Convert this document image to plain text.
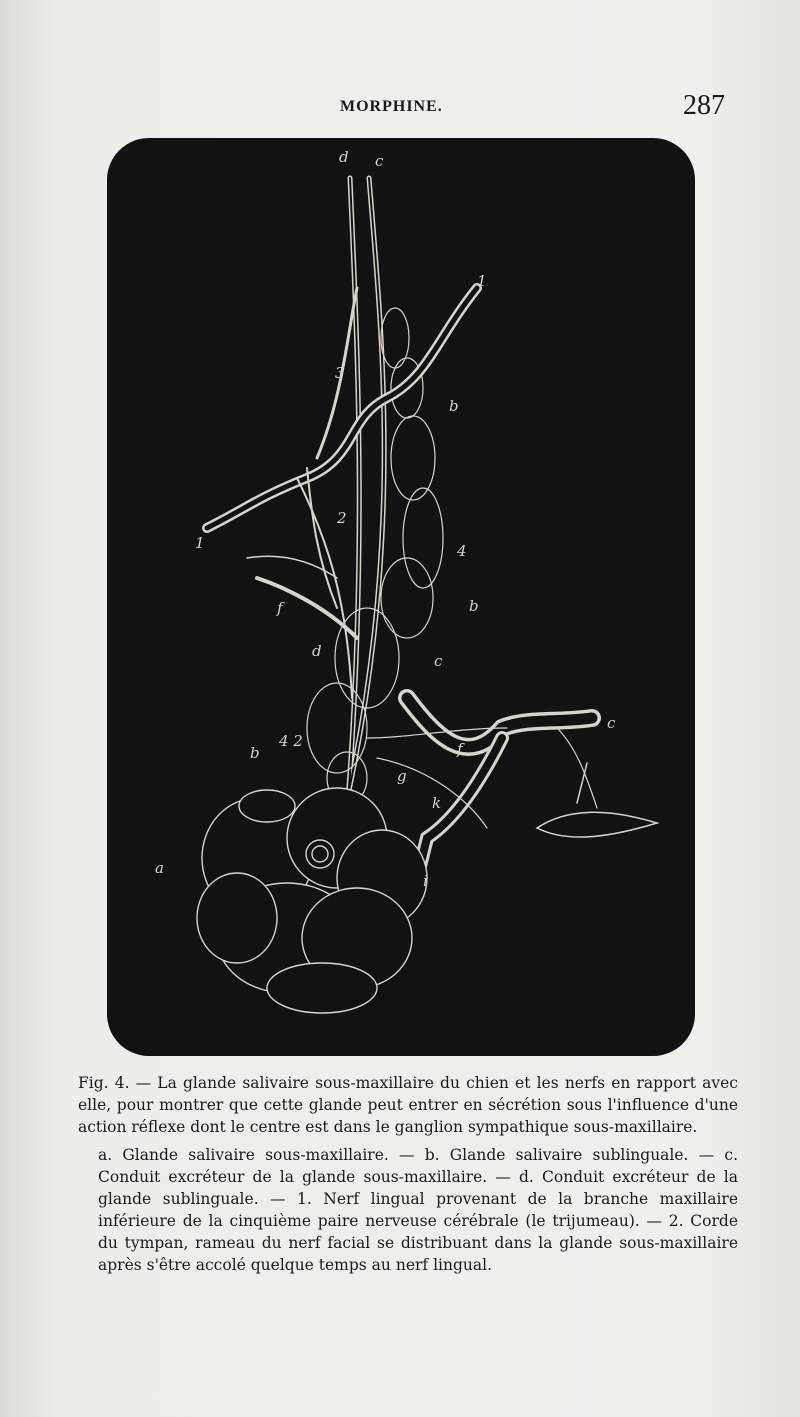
MORPHINE.	287
a
b
b
b
c
c
c
d
d
1
1
2
3
4
4 2
f
f
g
k
i

Fig. 4. — La glande salivaire sous-maxillaire du chien et les nerfs en rapport avec elle, pour montrer que cette glande peut entrer en sécrétion sous l'influence d'une action réflexe dont le centre est dans le ganglion sympathique sous-maxillaire.

a. Glande salivaire sous-maxillaire. — b. Glande salivaire sublinguale. — c. Conduit excréteur de la glande sous-maxillaire. — d. Conduit excréteur de la glande sublinguale. — 1. Nerf lingual provenant de la branche maxillaire inférieure de la cinquième paire nerveuse cérébrale (le trijumeau). — 2. Corde du tympan, rameau du nerf facial se distribuant dans la glande sous-maxillaire après s'être accolé quelque temps au nerf lingual.
